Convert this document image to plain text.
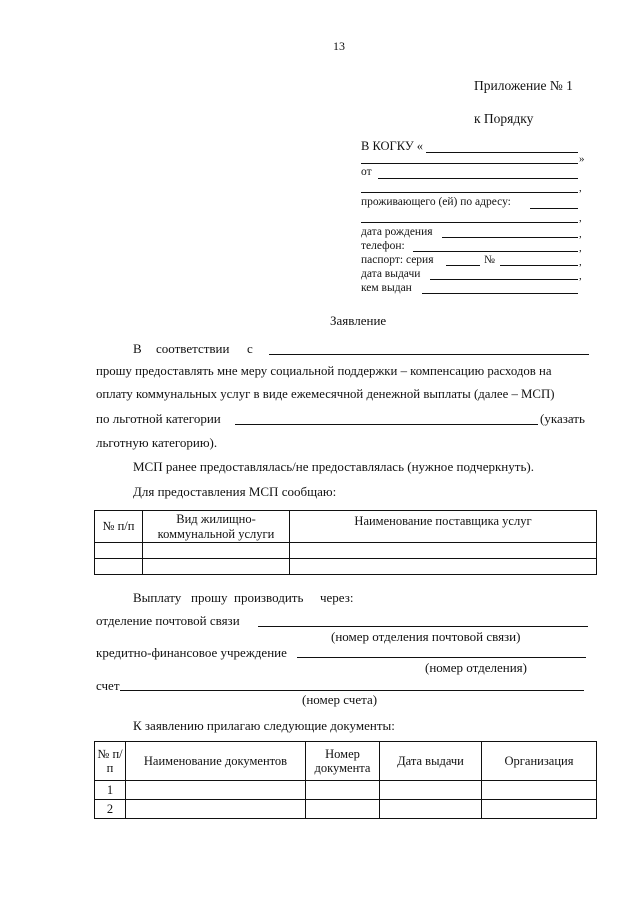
13
Приложение № 1
к Порядку
В КОГКУ «
»
от
,
проживающего (ей) по адресу:
,
дата рождения	,
телефон:	,
паспорт: серия	№	,
дата выдачи	,
кем выдан
Заявление
В соответствии с
прошу предоставлять мне меру социальной поддержки – компенсацию расходов на
оплату коммунальных услуг в виде ежемесячной денежной выплаты (далее – МСП)
по льготной категории	(указать
льготную категорию).
МСП ранее предоставлялась/не предоставлялась (нужное подчеркнуть).
Для предоставления МСП сообщаю:
№ п/п	Вид жилищно-коммунальной услуги	Наименование поставщика услуг

Выплату прошу производить через:
отделение почтовой связи
(номер отделения почтовой связи)
кредитно-финансовое учреждение
(номер отделения)
счет
(номер счета)
К заявлению прилагаю следующие документы:
№ п/п	Наименование документов	Номер документа	Дата выдачи	Организация
1				
2				
